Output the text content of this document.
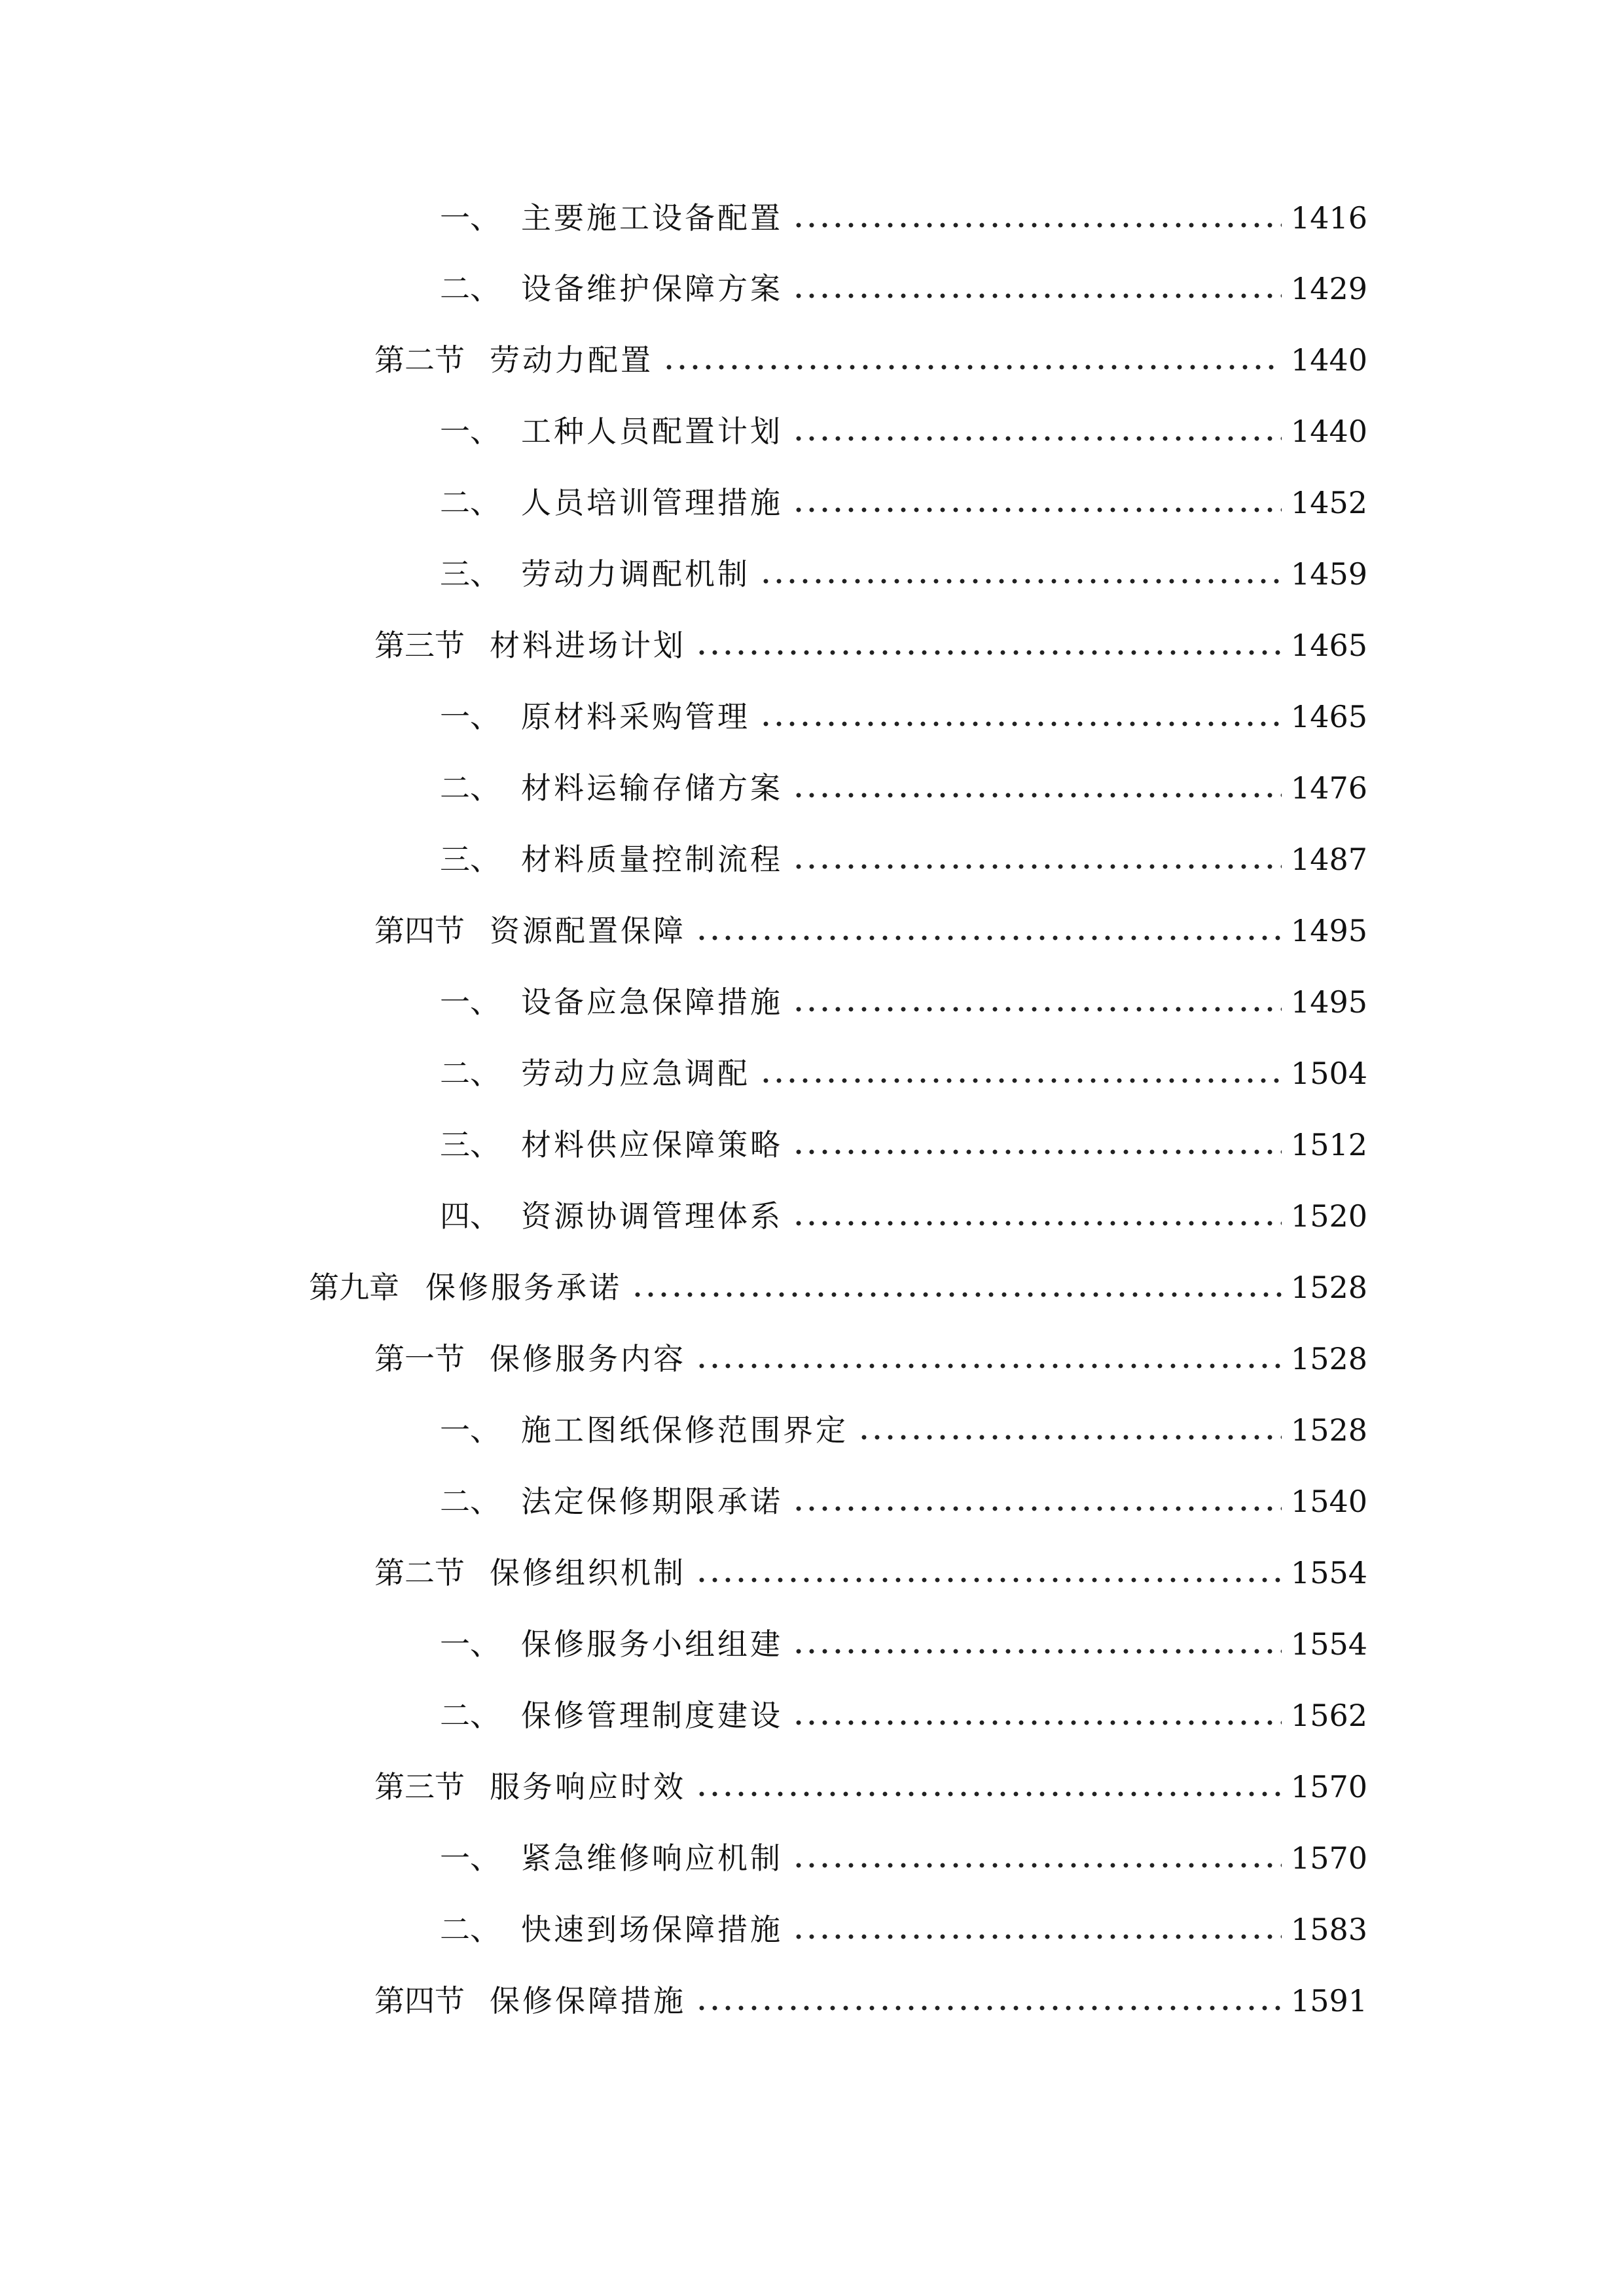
一、 主要施工设备配置	1416
二、 设备维护保障方案	1429
第二节 劳动力配置	1440
一、 工种人员配置计划	1440
二、 人员培训管理措施	1452
三、 劳动力调配机制	1459
第三节 材料进场计划	1465
一、 原材料采购管理	1465
二、 材料运输存储方案	1476
三、 材料质量控制流程	1487
第四节 资源配置保障	1495
一、 设备应急保障措施	1495
二、 劳动力应急调配	1504
三、 材料供应保障策略	1512
四、 资源协调管理体系	1520
第九章 保修服务承诺	1528
第一节 保修服务内容	1528
一、 施工图纸保修范围界定	1528
二、 法定保修期限承诺	1540
第二节 保修组织机制	1554
一、 保修服务小组组建	1554
二、 保修管理制度建设	1562
第三节 服务响应时效	1570
一、 紧急维修响应机制	1570
二、 快速到场保障措施	1583
第四节 保修保障措施	1591
